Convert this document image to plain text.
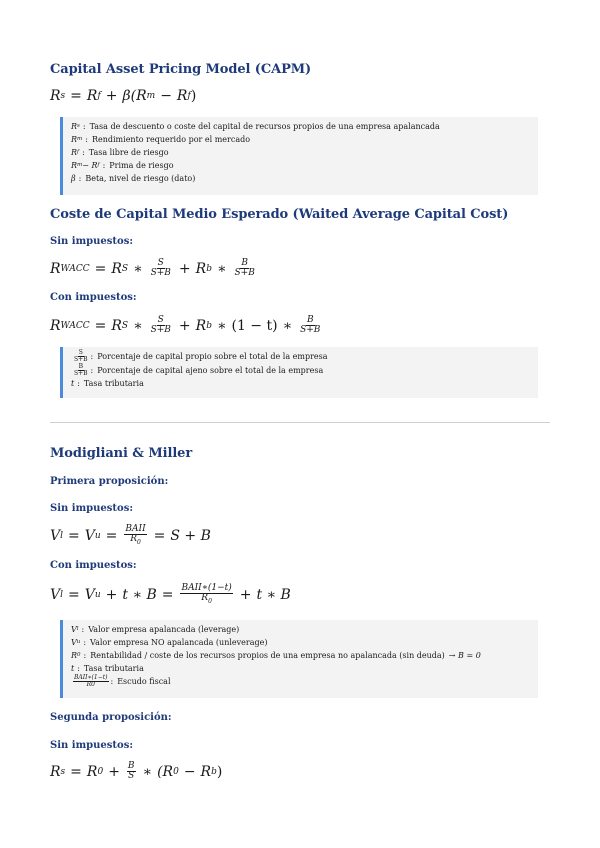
Capital Asset Pricing Model (CAPM)
R s = R f + β(R m − R f )
R s : Tasa de descuento o coste del capital de recursos propios de una empresa apalancada
R m : Rendimiento requerido por el mercado
R f : Tasa libre de riesgo
R m − R f : Prima de riesgo
β : Beta, nivel de riesgo (dato)
Coste de Capital Medio Esperado (Waited Average Capital Cost)
Sin impuestos:
R WACC = R S ∗ $\frac{S}{S+B} + R$ b ∗ $\frac{B}{S+B}$
Con impuestos:
R WACC = R S ∗ $\frac{S}{S+B} + R$ b ∗ (1 − t) ∗ $\frac{B}{S+B}$
$\frac{S}{S+B}$ : Porcentaje de capital propio sobre el total de la empresa
$\frac{B}{S+B}$ : Porcentaje de capital ajeno sobre el total de la empresa
t : Tasa tributaria
Modigliani & Miller
Primera proposición:
Sin impuestos:
V l = V $u = \frac{\text{BAII}}{R_0} = S + B$
Con impuestos:
V l = V u + t ∗ $B = \frac{\text{BAII∗(1−t)}}{R_0} + t$ ∗ B
V l : Valor empresa apalancada (leverage)
V u : Valor empresa NO apalancada (unleverage)
R 0 : Rentabilidad / coste de los recursos propios de una empresa no apalancada (sin deuda) → B = 0
t : Tasa tributaria
$\frac{\text{BAII∗(1−t)}}{R0}$ : Escudo fiscal
Segunda proposición:
Sin impuestos:
R s = R $0 + \frac{B}{S}$ ∗ (R 0 − R b )
